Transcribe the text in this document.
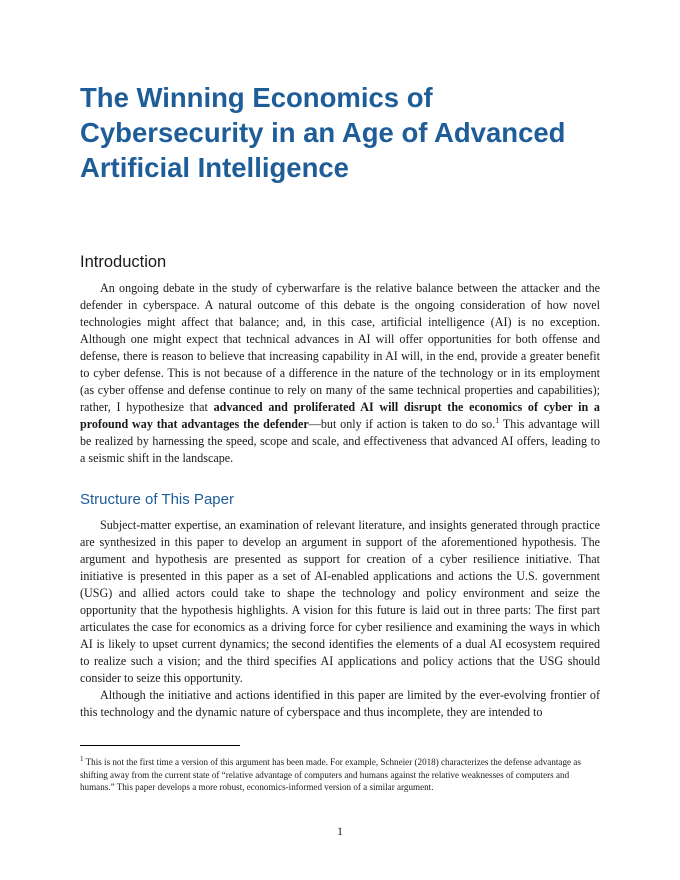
The Winning Economics of Cybersecurity in an Age of Advanced Artificial Intelligence
Introduction

An ongoing debate in the study of cyberwarfare is the relative balance between the attacker and the defender in cyberspace. A natural outcome of this debate is the ongoing consideration of how novel technologies might affect that balance; and, in this case, artificial intelligence (AI) is no exception. Although one might expect that technical advances in AI will offer opportunities for both offense and defense, there is reason to believe that increasing capability in AI will, in the end, provide a greater benefit to cyber defense. This is not because of a difference in the nature of the technology or in its employment (as cyber offense and defense continue to rely on many of the same technical properties and capabilities); rather, I hypothesize that advanced and proliferated AI will disrupt the economics of cyber in a profound way that advantages the defender—but only if action is taken to do so.$^1$ This advantage will be realized by harnessing the speed, scope and scale, and effectiveness that advanced AI offers, leading to a seismic shift in the landscape.

Structure of This Paper

Subject-matter expertise, an examination of relevant literature, and insights generated through practice are synthesized in this paper to develop an argument in support of the aforementioned hypothesis. The argument and hypothesis are presented as support for creation of a cyber resilience initiative. That initiative is presented in this paper as a set of AI-enabled applications and actions the U.S. government (USG) and allied actors could take to shape the technology and policy environment and seize the opportunity that the hypothesis highlights. A vision for this future is laid out in three parts: The first part articulates the case for economics as a driving force for cyber resilience and examining the ways in which AI is likely to upset current dynamics; the second identifies the elements of a dual AI ecosystem required to realize such a vision; and the third specifies AI applications and policy actions that the USG should consider to seize this opportunity.

Although the initiative and actions identified in this paper are limited by the ever-evolving frontier of this technology and the dynamic nature of cyberspace and thus incomplete, they are intended to

$^1$ This is not the first time a version of this argument has been made. For example, Schneier (2018) characterizes the defense advantage as shifting away from the current state of “relative advantage of computers and humans against the relative weaknesses of computers and humans.” This paper develops a more robust, economics-informed version of a similar argument.
1
